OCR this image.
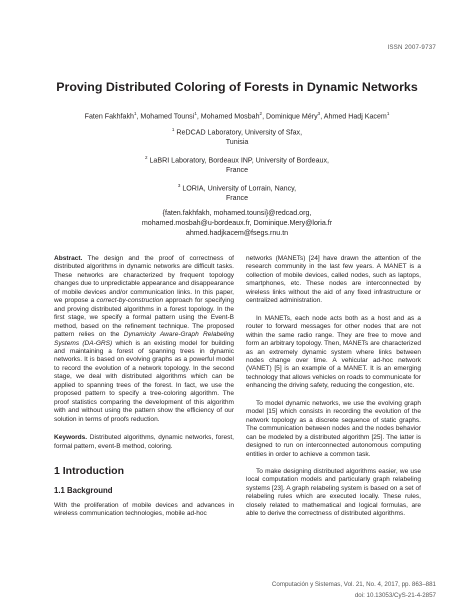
ISSN 2007-9737
Proving Distributed Coloring of Forests in Dynamic Networks
Faten Fakhfakh$^1$, Mohamed Tounsi$^1$, Mohamed Mosbah$^2$, Dominique Méry$^3$, Ahmed Hadj Kacem$^1$
$^1$ ReDCAD Laboratory, University of Sfax,
Tunisia
$^2$ LaBRI Laboratory, Bordeaux INP, University of Bordeaux,
France
$^3$ LORIA, University of Lorrain, Nancy,
France
{faten.fakhfakh, mohamed.tounsi}@redcad.org,
mohamed.mosbah@u-bordeaux.fr, Dominique.Mery@loria.fr
ahmed.hadjkacem@fsegs.rnu.tn

Abstract. The design and the proof of correctness of distributed algorithms in dynamic networks are difficult tasks. These networks are characterized by frequent topology changes due to unpredictable appearance and disappearance of mobile devices and/or communication links. In this paper, we propose a correct-by-construction approach for specifying and proving distributed algorithms in a forest topology. In the first stage, we specify a formal pattern using the Event-B method, based on the refinement technique. The proposed pattern relies on the Dynamicity Aware-Graph Relabeling Systems (DA-GRS) which is an existing model for building and maintaining a forest of spanning trees in dynamic networks. It is based on evolving graphs as a powerful model to record the evolution of a network topology. In the second stage, we deal with distributed algorithms which can be applied to spanning trees of the forest. In fact, we use the proposed pattern to specify a tree-coloring algorithm. The proof statistics comparing the development of this algorithm with and without using the pattern show the efficiency of our solution in terms of proofs reduction.

Keywords. Distributed algorithms, dynamic networks, forest, formal pattern, event-B method, coloring.

1 Introduction

1.1 Background

With the proliferation of mobile devices and advances in wireless communication technologies, mobile ad-hoc

networks (MANETs) [24] have drawn the attention of the research community in the last few years. A MANET is a collection of mobile devices, called nodes, such as laptops, smartphones, etc. These nodes are interconnected by wireless links without the aid of any fixed infrastructure or centralized administration.

In MANETs, each node acts both as a host and as a router to forward messages for other nodes that are not within the same radio range. They are free to move and form an arbitrary topology. Then, MANETs are characterized as an extremely dynamic system where links between nodes change over time. A vehicular ad-hoc network (VANET) [5] is an example of a MANET. It is an emerging technology that allows vehicles on roads to communicate for enhancing the driving safety, reducing the congestion, etc.

To model dynamic networks, we use the evolving graph model [15] which consists in recording the evolution of the network topology as a discrete sequence of static graphs. The communication between nodes and the nodes behavior can be modeled by a distributed algorithm [25]. The latter is designed to run on interconnected autonomous computing entities in order to achieve a common task.

To make designing distributed algorithms easier, we use local computation models and particularly graph relabeling systems [23]. A graph relabeling system is based on a set of relabeling rules which are executed locally. These rules, closely related to mathematical and logical formulas, are able to derive the correctness of distributed algorithms.

Computación y Sistemas, Vol. 21, No. 4, 2017, pp. 863–881
doi: 10.13053/CyS-21-4-2857
